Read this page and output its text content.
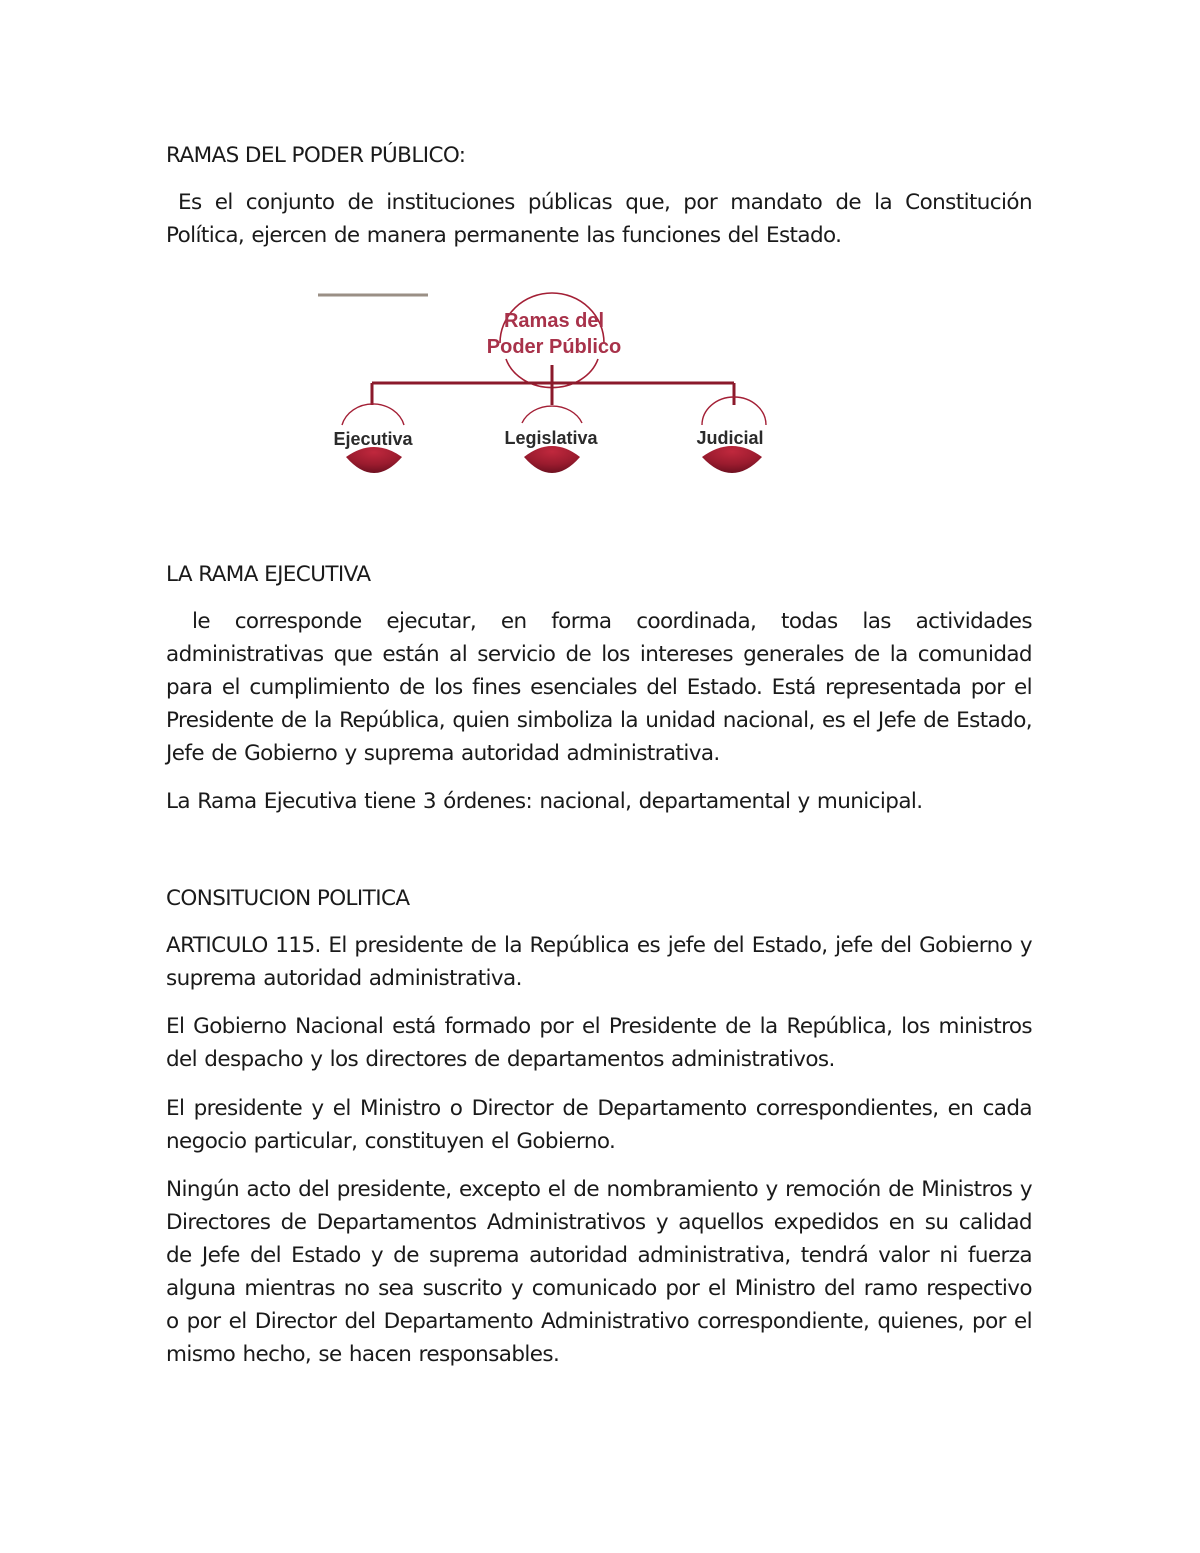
RAMAS DEL PODER PÚBLICO:
Es el conjunto de instituciones públicas que, por mandato de la Constitución Política, ejercen de manera permanente las funciones del Estado.
Ramas del
Poder Público
Ejecutiva	Legislativa	Judicial
LA RAMA EJECUTIVA
le corresponde ejecutar, en forma coordinada, todas las actividades administrativas que están al servicio de los intereses generales de la comunidad para el cumplimiento de los fines esenciales del Estado. Está representada por el Presidente de la República, quien simboliza la unidad nacional, es el Jefe de Estado, Jefe de Gobierno y suprema autoridad administrativa.
La Rama Ejecutiva tiene 3 órdenes: nacional, departamental y municipal.
CONSITUCION POLITICA
ARTICULO 115. El presidente de la República es jefe del Estado, jefe del Gobierno y suprema autoridad administrativa.
El Gobierno Nacional está formado por el Presidente de la República, los ministros del despacho y los directores de departamentos administrativos.
El presidente y el Ministro o Director de Departamento correspondientes, en cada negocio particular, constituyen el Gobierno.
Ningún acto del presidente, excepto el de nombramiento y remoción de Ministros y Directores de Departamentos Administrativos y aquellos expedidos en su calidad de Jefe del Estado y de suprema autoridad administrativa, tendrá valor ni fuerza alguna mientras no sea suscrito y comunicado por el Ministro del ramo respectivo o por el Director del Departamento Administrativo correspondiente, quienes, por el mismo hecho, se hacen responsables.
